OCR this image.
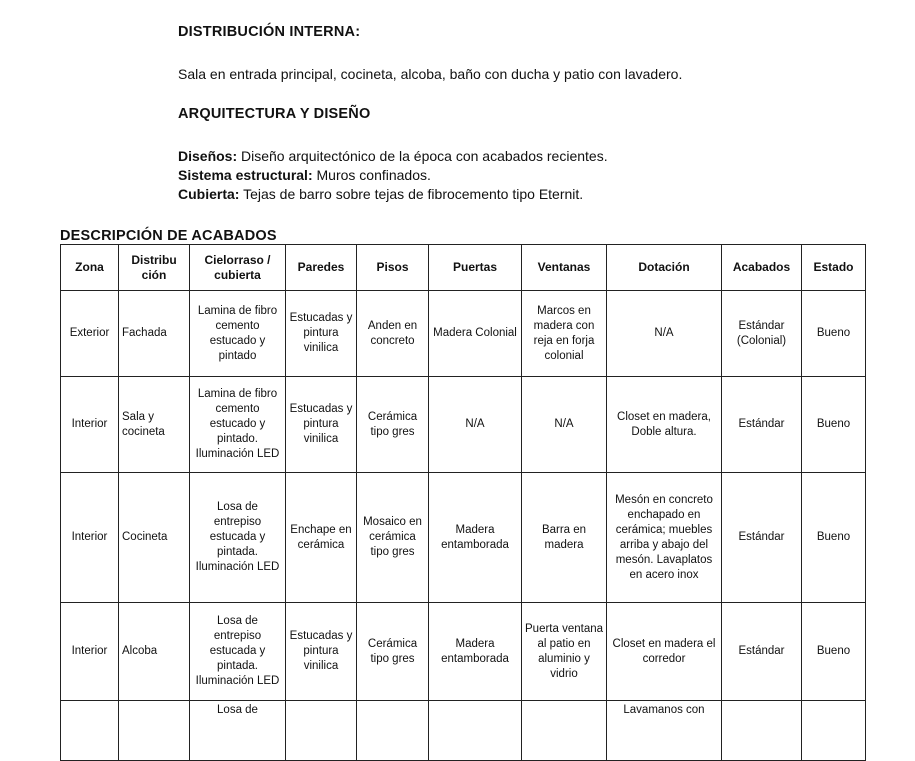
DISTRIBUCIÓN INTERNA:

Sala en entrada principal, cocineta, alcoba, baño con ducha y patio con lavadero.

ARQUITECTURA Y DISEÑO

Diseños: Diseño arquitectónico de la época con acabados recientes.

Sistema estructural: Muros confinados.

Cubierta: Tejas de barro sobre tejas de fibrocemento tipo Eternit.

DESCRIPCIÓN DE ACABADOS
Zona	Distribu ción	Cielorraso / cubierta	Paredes	Pisos	Puertas	Ventanas	Dotación	Acabados	Estado
Exterior	Fachada	Lamina de fibro cemento estucado y pintado	Estucadas y pintura vinilica	Anden en concreto	Madera Colonial	Marcos en madera con reja en forja colonial	N/A	Estándar (Colonial)	Bueno
Interior	Sala y cocineta	Lamina de fibro cemento estucado y pintado. Iluminación LED	Estucadas y pintura vinilica	Cerámica tipo gres	N/A	N/A	Closet en madera, Doble altura.	Estándar	Bueno
Interior	Cocineta	Losa de entrepiso estucada y pintada. Iluminación LED	Enchape en cerámica	Mosaico en cerámica tipo gres	Madera entamborada	Barra en madera	Mesón en concreto enchapado en cerámica; muebles arriba y abajo del mesón. Lavaplatos en acero inox	Estándar	Bueno
Interior	Alcoba	Losa de entrepiso estucada y pintada. Iluminación LED	Estucadas y pintura vinilica	Cerámica tipo gres	Madera entamborada	Puerta ventana al patio en aluminio y vidrio	Closet en madera el corredor	Estándar	Bueno
		Losa de					Lavamanos con		
